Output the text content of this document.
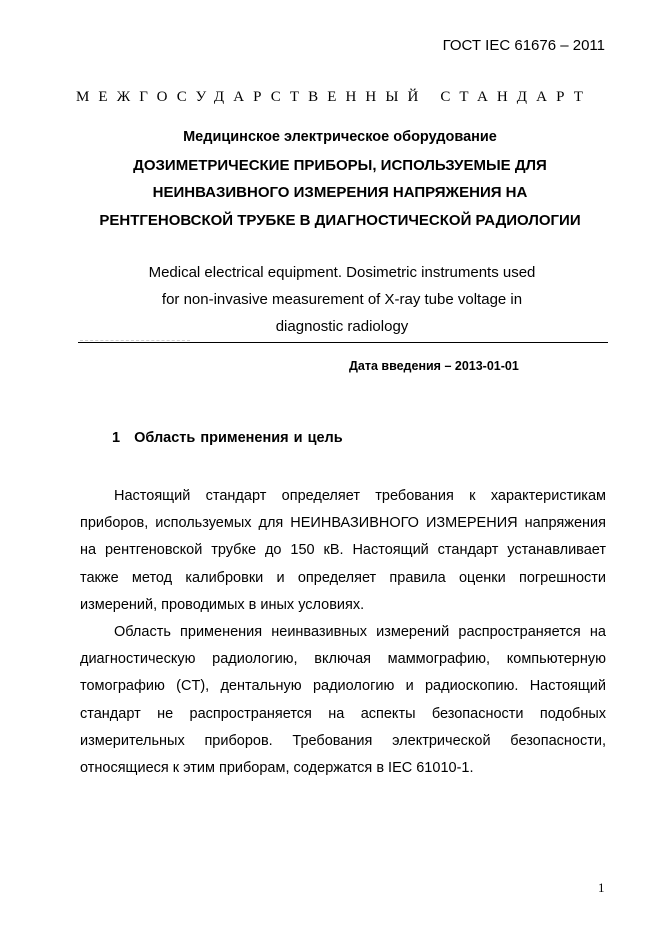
ГОСТ IEC 61676 – 2011
МЕЖГОСУДАРСТВЕННЫЙ СТАНДАРТ
Медицинское электрическое оборудование
ДОЗИМЕТРИЧЕСКИЕ ПРИБОРЫ, ИСПОЛЬЗУЕМЫЕ ДЛЯ
НЕИНВАЗИВНОГО ИЗМЕРЕНИЯ НАПРЯЖЕНИЯ НА
РЕНТГЕНОВСКОЙ ТРУБКЕ В ДИАГНОСТИЧЕСКОЙ РАДИОЛОГИИ
Medical electrical equipment. Dosimetric instruments used
for non-invasive measurement of X-ray tube voltage in
diagnostic radiology
Дата введения – 2013-01-01
1 Область применения и цель

Настоящий стандарт определяет требования к характеристикам приборов, используемых для НЕИНВАЗИВНОГО ИЗМЕРЕНИЯ напряжения на рентгеновской трубке до 150 кВ. Настоящий стандарт устанавливает также метод калибровки и определяет правила оценки погрешности измерений, проводимых в иных условиях.

Область применения неинвазивных измерений распространяется на диагностическую радиологию, включая маммографию, компьютерную томографию (CT), дентальную радиологию и радиоскопию. Настоящий стандарт не распространяется на аспекты безопасности подобных измерительных приборов. Требования электрической безопасности, относящиеся к этим приборам, содержатся в IEC 61010-1.

1
